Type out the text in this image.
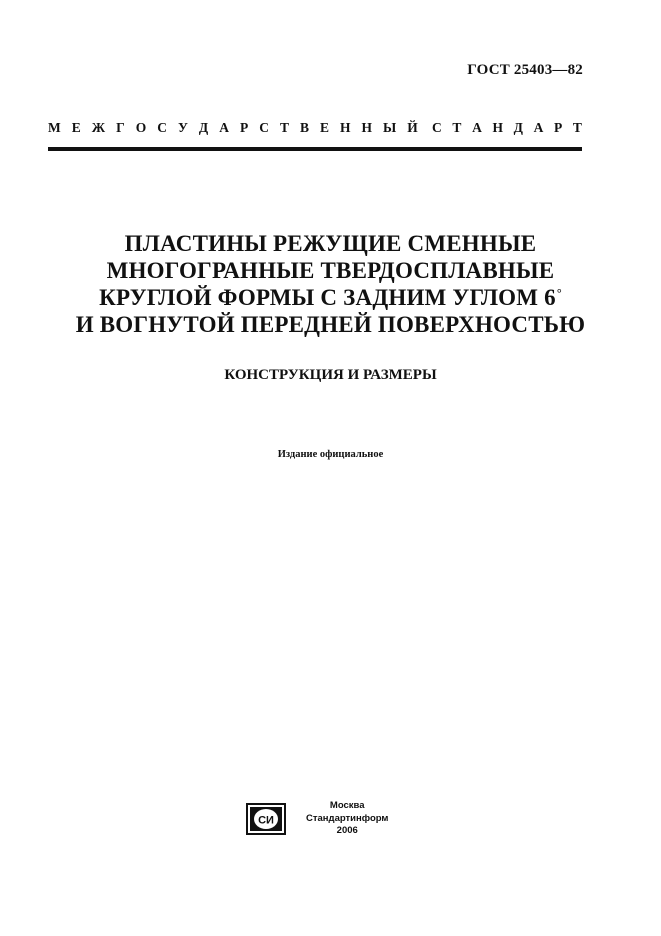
ГОСТ 25403—82

М Е Ж Г О С У Д А Р С Т В Е Н Н Ы Й С Т А Н Д А Р Т
ПЛАСТИНЫ РЕЖУЩИЕ СМЕННЫЕ
МНОГОГРАННЫЕ ТВЕРДОСПЛАВНЫЕ
КРУГЛОЙ ФОРМЫ С ЗАДНИМ УГЛОМ 6°
И ВОГНУТОЙ ПЕРЕДНЕЙ ПОВЕРХНОСТЬЮ

КОНСТРУКЦИЯ И РАЗМЕРЫ

Издание официальное

СИ
Москва
Стандартинформ
2006
